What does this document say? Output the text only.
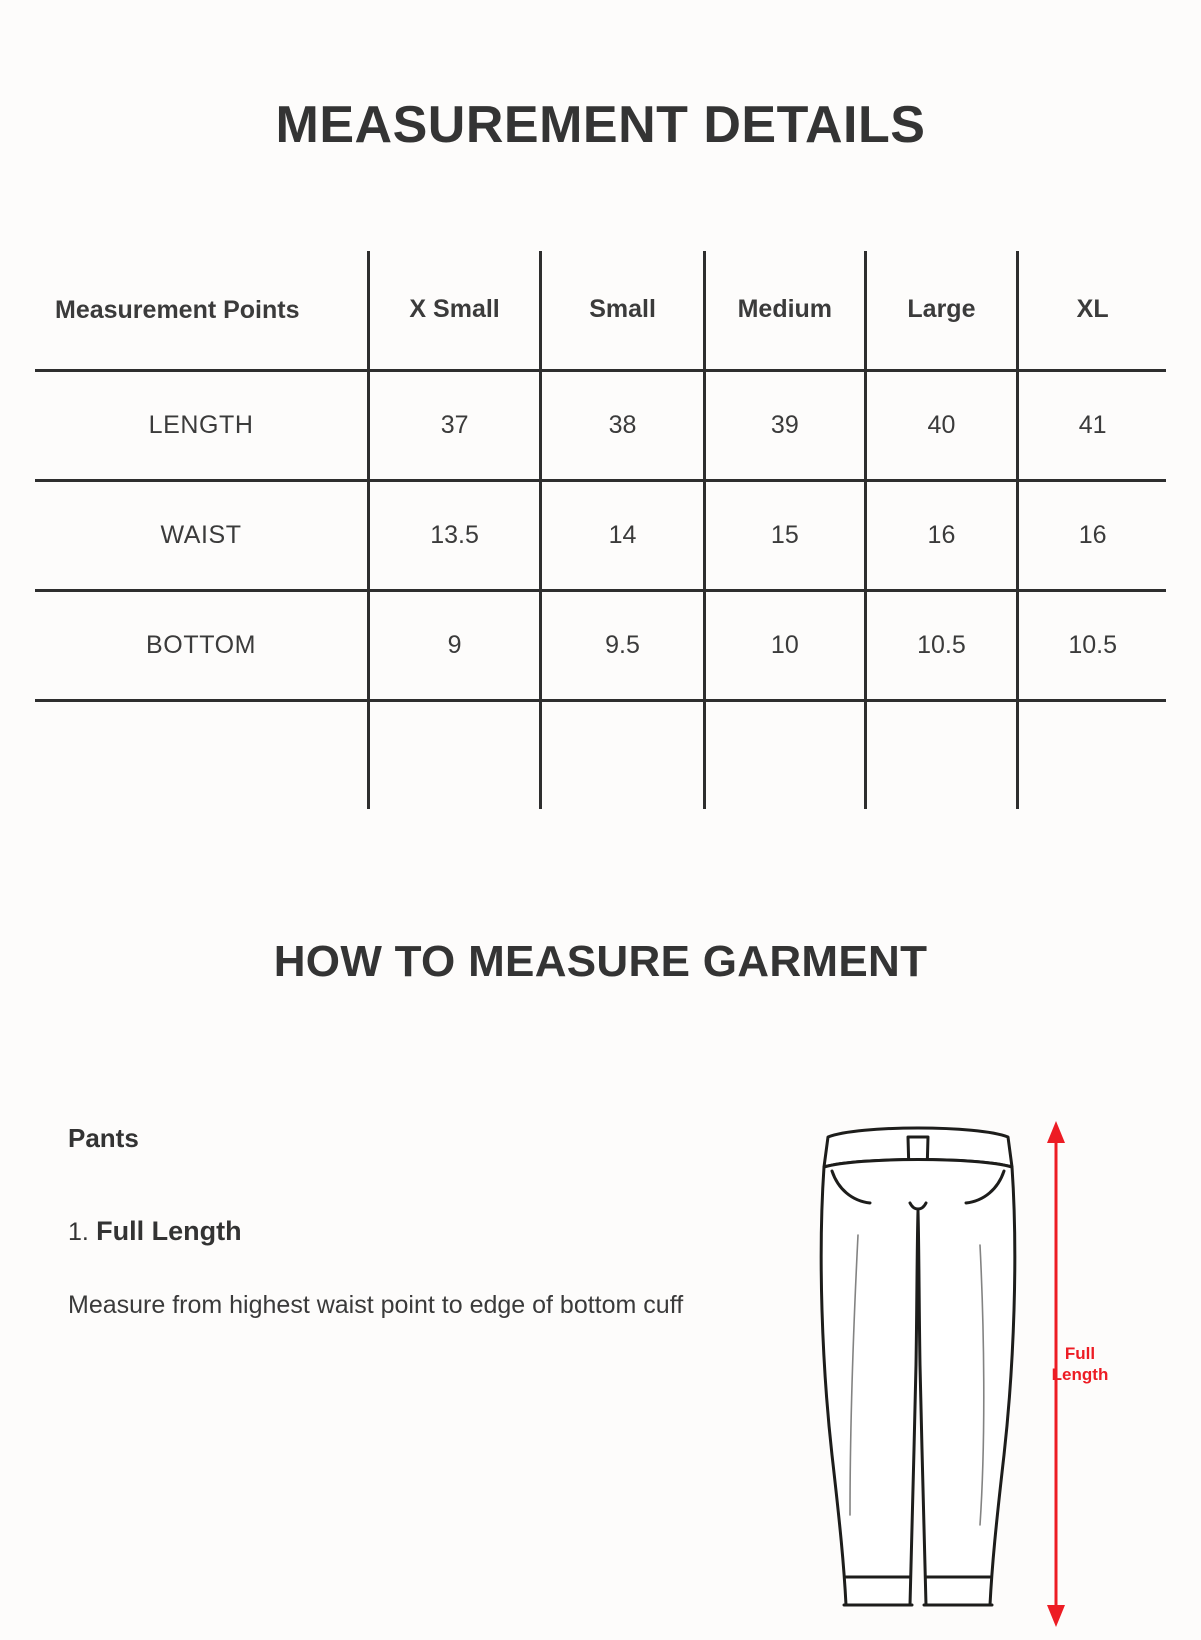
MEASUREMENT DETAILS
Measurement Points	X Small	Small	Medium	Large	XL
LENGTH	37	38	39	40	41
WAIST	13.5	14	15	16	16
BOTTOM	9	9.5	10	10.5	10.5

HOW TO MEASURE GARMENT
Pants
1. Full Length
Measure from highest waist point to edge of bottom cuff
Full
Length
